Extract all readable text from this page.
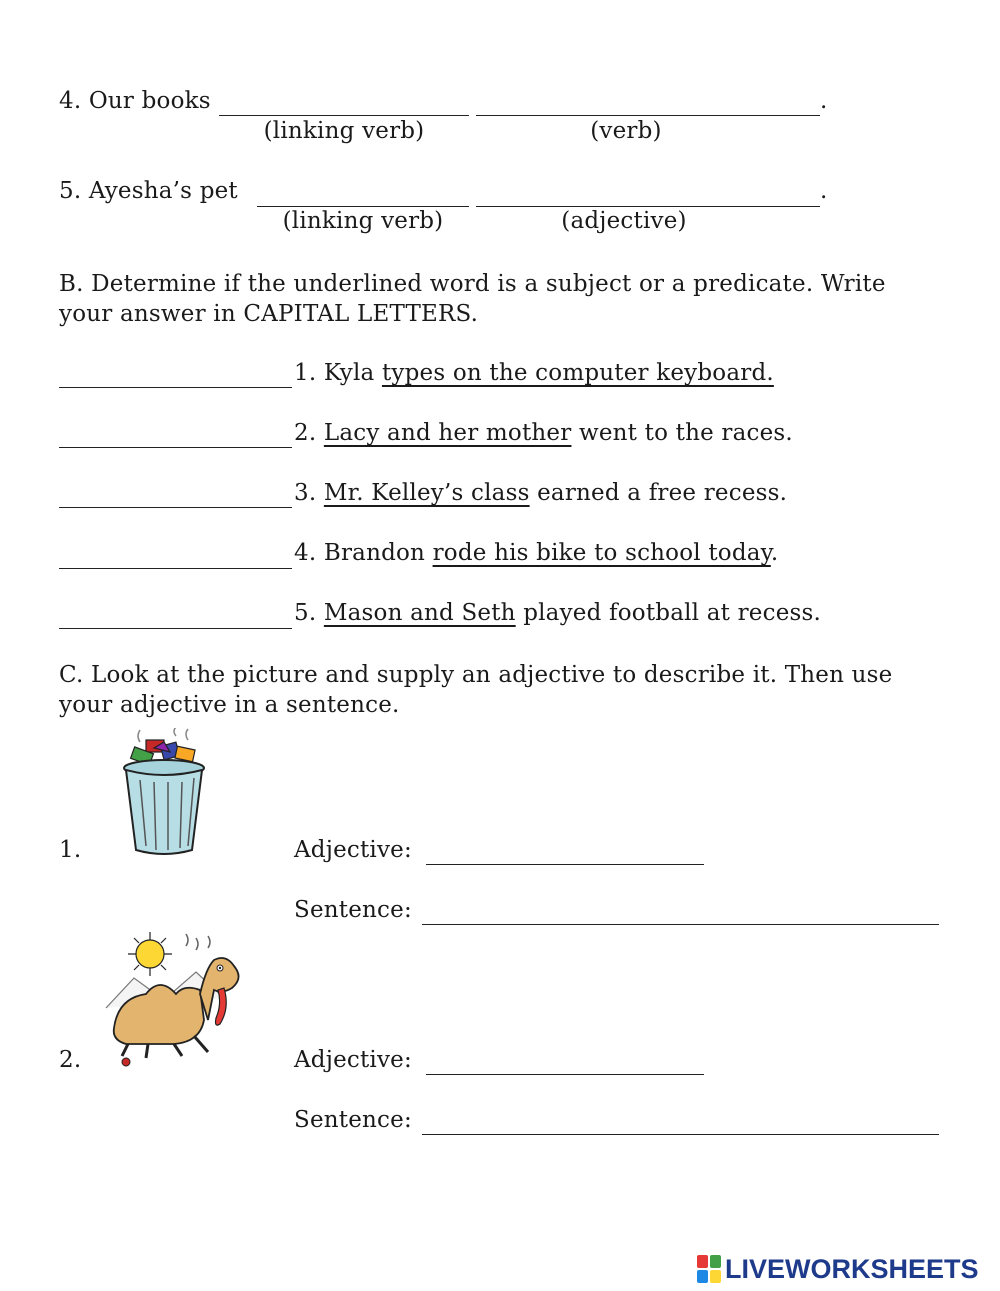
4. Our books	.
(linking verb)	(verb)
5. Ayesha’s pet	.
(linking verb)	(adjective)
B. Determine if the underlined word is a subject or a predicate. Write your answer in CAPITAL LETTERS.
1. Kyla types on the computer keyboard.
2. Lacy and her mother went to the races.
3. Mr. Kelley’s class earned a free recess.
4. Brandon rode his bike to school today.
5. Mason and Seth played football at recess.
C. Look at the picture and supply an adjective to describe it. Then use your adjective in a sentence.
1.	Adjective:
Sentence:
2.	Adjective:
Sentence:
LIVEWORKSHEETS
